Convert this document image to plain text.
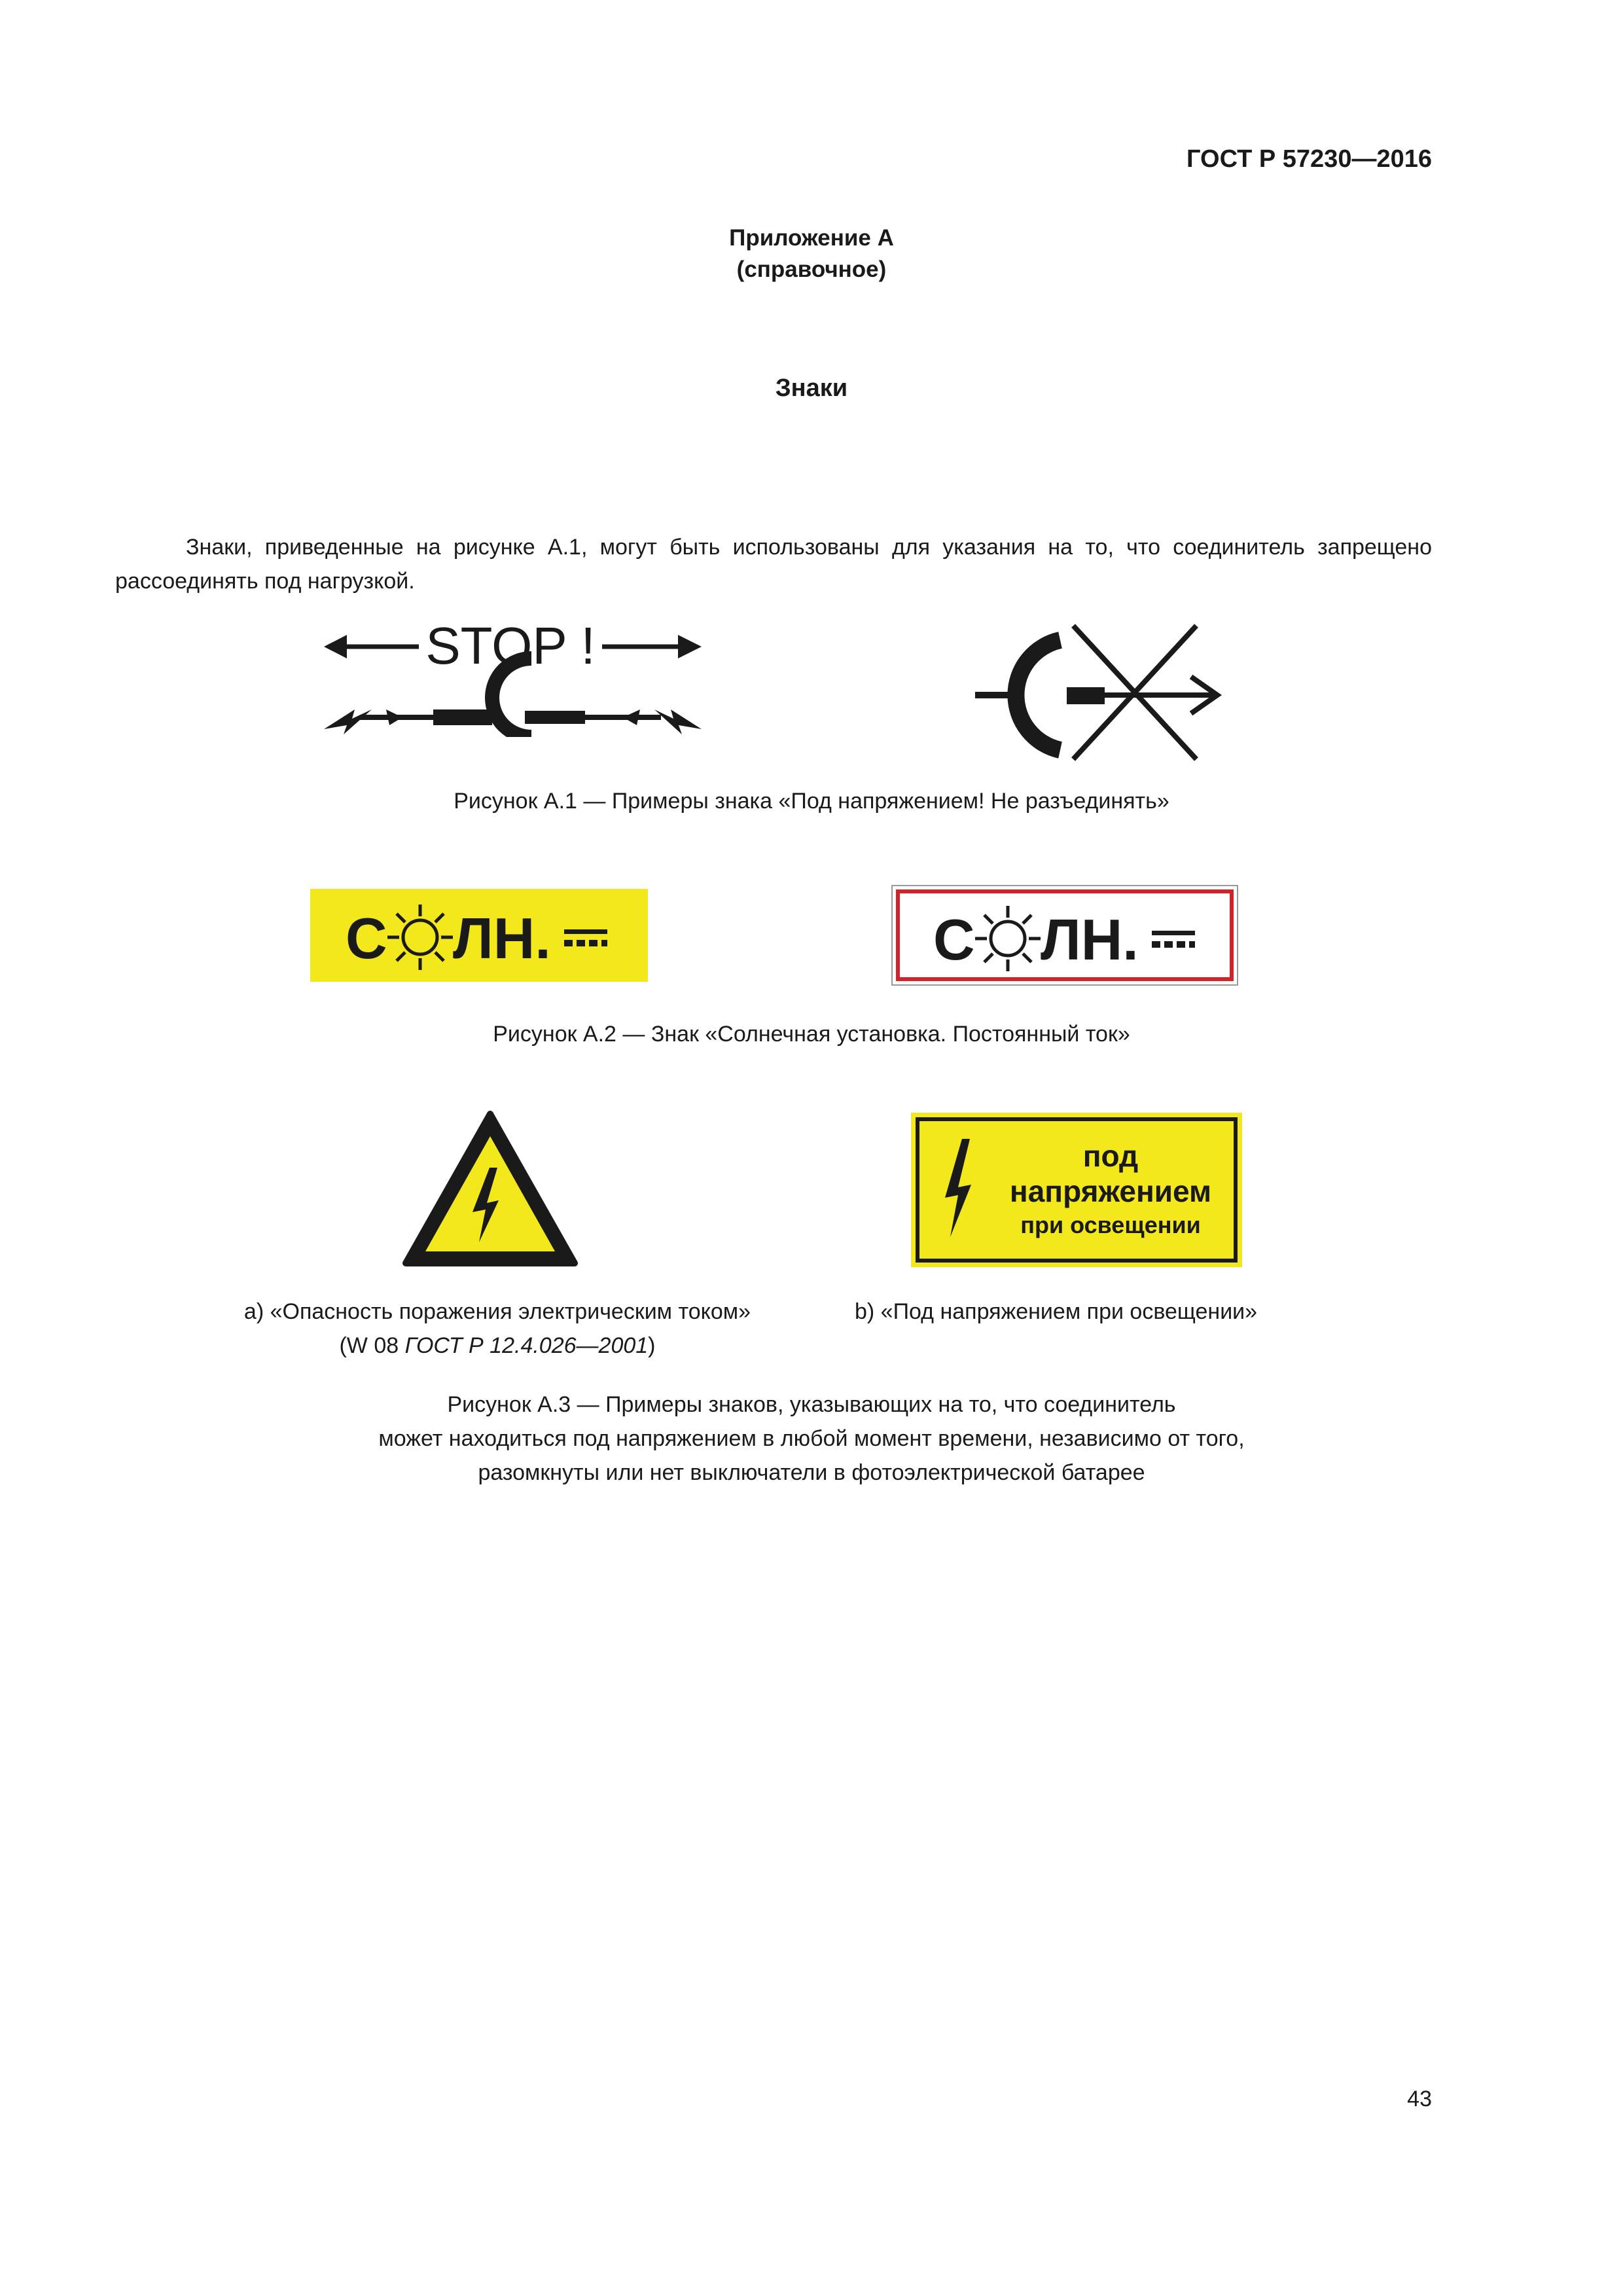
ГОСТ Р 57230—2016
Приложение А
(справочное)
Знаки
Знаки, приведенные на рисунке А.1, могут быть использованы для указания на то, что соединитель запрещено рассоединять под нагрузкой.
STOP !
Рисунок А.1 — Примеры знака «Под напряжением! Не разъединять»
С ЛН.	С ЛН.
Рисунок А.2 — Знак «Солнечная установка. Постоянный ток»
под
напряжением
при освещении
a) «Опасность поражения электрическим током»
(W 08 ГОСТ Р 12.4.026—2001)
b) «Под напряжением при освещении»
Рисунок А.3 — Примеры знаков, указывающих на то, что соединитель
может находиться под напряжением в любой момент времени, независимо от того,
разомкнуты или нет выключатели в фотоэлектрической батарее
43
